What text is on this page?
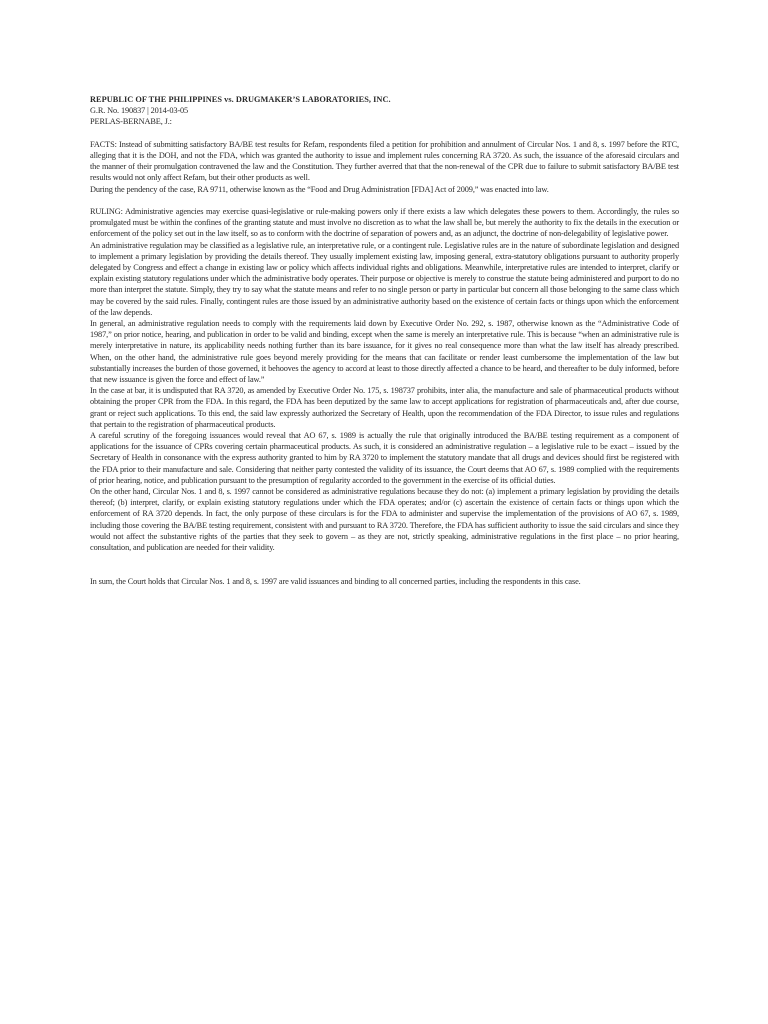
REPUBLIC OF THE PHILIPPINES vs. DRUGMAKER’S LABORATORIES, INC.

G.R. No. 190837 | 2014-03-05

PERLAS-BERNABE, J.:

FACTS: Instead of submitting satisfactory BA/BE test results for Refam, respondents filed a petition for prohibition and annulment of Circular Nos. 1 and 8, s. 1997 before the RTC, alleging that it is the DOH, and not the FDA, which was granted the authority to issue and implement rules concerning RA 3720. As such, the issuance of the aforesaid circulars and the manner of their promulgation contravened the law and the Constitution. They further averred that that the non-renewal of the CPR due to failure to submit satisfactory BA/BE test results would not only affect Refam, but their other products as well.

During the pendency of the case, RA 9711, otherwise known as the “Food and Drug Administration [FDA] Act of 2009,” was enacted into law.

RULING: Administrative agencies may exercise quasi-legislative or rule-making powers only if there exists a law which delegates these powers to them. Accordingly, the rules so promulgated must be within the confines of the granting statute and must involve no discretion as to what the law shall be, but merely the authority to fix the details in the execution or enforcement of the policy set out in the law itself, so as to conform with the doctrine of separation of powers and, as an adjunct, the doctrine of non-delegability of legislative power.

An administrative regulation may be classified as a legislative rule, an interpretative rule, or a contingent rule. Legislative rules are in the nature of subordinate legislation and designed to implement a primary legislation by providing the details thereof. They usually implement existing law, imposing general, extra-statutory obligations pursuant to authority properly delegated by Congress and effect a change in existing law or policy which affects individual rights and obligations. Meanwhile, interpretative rules are intended to interpret, clarify or explain existing statutory regulations under which the administrative body operates. Their purpose or objective is merely to construe the statute being administered and purport to do no more than interpret the statute. Simply, they try to say what the statute means and refer to no single person or party in particular but concern all those belonging to the same class which may be covered by the said rules. Finally, contingent rules are those issued by an administrative authority based on the existence of certain facts or things upon which the enforcement of the law depends.

In general, an administrative regulation needs to comply with the requirements laid down by Executive Order No. 292, s. 1987, otherwise known as the “Administrative Code of 1987,” on prior notice, hearing, and publication in order to be valid and binding, except when the same is merely an interpretative rule. This is because “when an administrative rule is merely interpretative in nature, its applicability needs nothing further than its bare issuance, for it gives no real consequence more than what the law itself has already prescribed. When, on the other hand, the administrative rule goes beyond merely providing for the means that can facilitate or render least cumbersome the implementation of the law but substantially increases the burden of those governed, it behooves the agency to accord at least to those directly affected a chance to be heard, and thereafter to be duly informed, before that new issuance is given the force and effect of law.”

In the case at bar, it is undisputed that RA 3720, as amended by Executive Order No. 175, s. 198737 prohibits, inter alia, the manufacture and sale of pharmaceutical products without obtaining the proper CPR from the FDA. In this regard, the FDA has been deputized by the same law to accept applications for registration of pharmaceuticals and, after due course, grant or reject such applications. To this end, the said law expressly authorized the Secretary of Health, upon the recommendation of the FDA Director, to issue rules and regulations that pertain to the registration of pharmaceutical products.

A careful scrutiny of the foregoing issuances would reveal that AO 67, s. 1989 is actually the rule that originally introduced the BA/BE testing requirement as a component of applications for the issuance of CPRs covering certain pharmaceutical products. As such, it is considered an administrative regulation – a legislative rule to be exact – issued by the Secretary of Health in consonance with the express authority granted to him by RA 3720 to implement the statutory mandate that all drugs and devices should first be registered with the FDA prior to their manufacture and sale. Considering that neither party contested the validity of its issuance, the Court deems that AO 67, s. 1989 complied with the requirements of prior hearing, notice, and publication pursuant to the presumption of regularity accorded to the government in the exercise of its official duties.

On the other hand, Circular Nos. 1 and 8, s. 1997 cannot be considered as administrative regulations because they do not: (a) implement a primary legislation by providing the details thereof; (b) interpret, clarify, or explain existing statutory regulations under which the FDA operates; and/or (c) ascertain the existence of certain facts or things upon which the enforcement of RA 3720 depends. In fact, the only purpose of these circulars is for the FDA to administer and supervise the implementation of the provisions of AO 67, s. 1989, including those covering the BA/BE testing requirement, consistent with and pursuant to RA 3720. Therefore, the FDA has sufficient authority to issue the said circulars and since they would not affect the substantive rights of the parties that they seek to govern – as they are not, strictly speaking, administrative regulations in the first place – no prior hearing, consultation, and publication are needed for their validity.

In sum, the Court holds that Circular Nos. 1 and 8, s. 1997 are valid issuances and binding to all concerned parties, including the respondents in this case.
